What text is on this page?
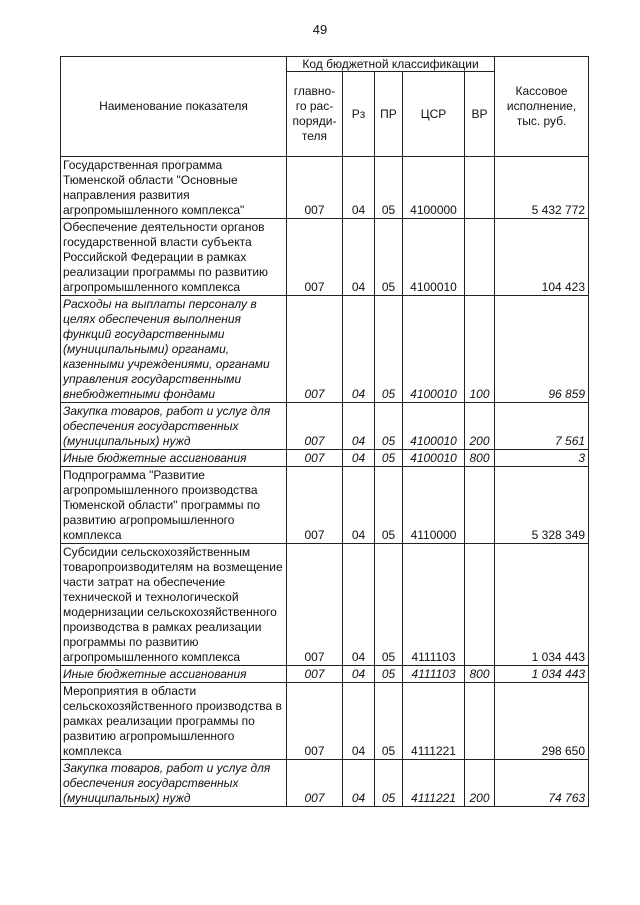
49
Наименование показателя	Код бюджетной классификации					Кассовое исполнение, тыс. руб.
	главно-го рас-поряди-теля	Рз	ПР	ЦСР	ВР	
Государственная программа Тюменской области "Основные направления развития агропромышленного комплекса"	007	04	05	4100000		5 432 772
Обеспечение деятельности органов государственной власти субъекта Российской Федерации в рамках реализации программы по развитию агропромышленного комплекса	007	04	05	4100010		104 423
Расходы на выплаты персоналу в целях обеспечения выполнения функций государственными (муниципальными) органами, казенными учреждениями, органами управления государственными внебюджетными фондами	007	04	05	4100010	100	96 859
Закупка товаров, работ и услуг для обеспечения государственных (муниципальных) нужд	007	04	05	4100010	200	7 561
Иные бюджетные ассигнования	007	04	05	4100010	800	3
Подпрограмма "Развитие агропромышленного производства Тюменской области" программы по развитию агропромышленного комплекса	007	04	05	4110000		5 328 349
Субсидии сельскохозяйственным товаропроизводителям на возмещение части затрат на обеспечение технической и технологической модернизации сельскохозяйственного производства в рамках реализации программы по развитию агропромышленного комплекса	007	04	05	4111103		1 034 443
Иные бюджетные ассигнования	007	04	05	4111103	800	1 034 443
Мероприятия в области сельскохозяйственного производства в рамках реализации программы по развитию агропромышленного комплекса	007	04	05	4111221		298 650
Закупка товаров, работ и услуг для обеспечения государственных (муниципальных) нужд	007	04	05	4111221	200	74 763
